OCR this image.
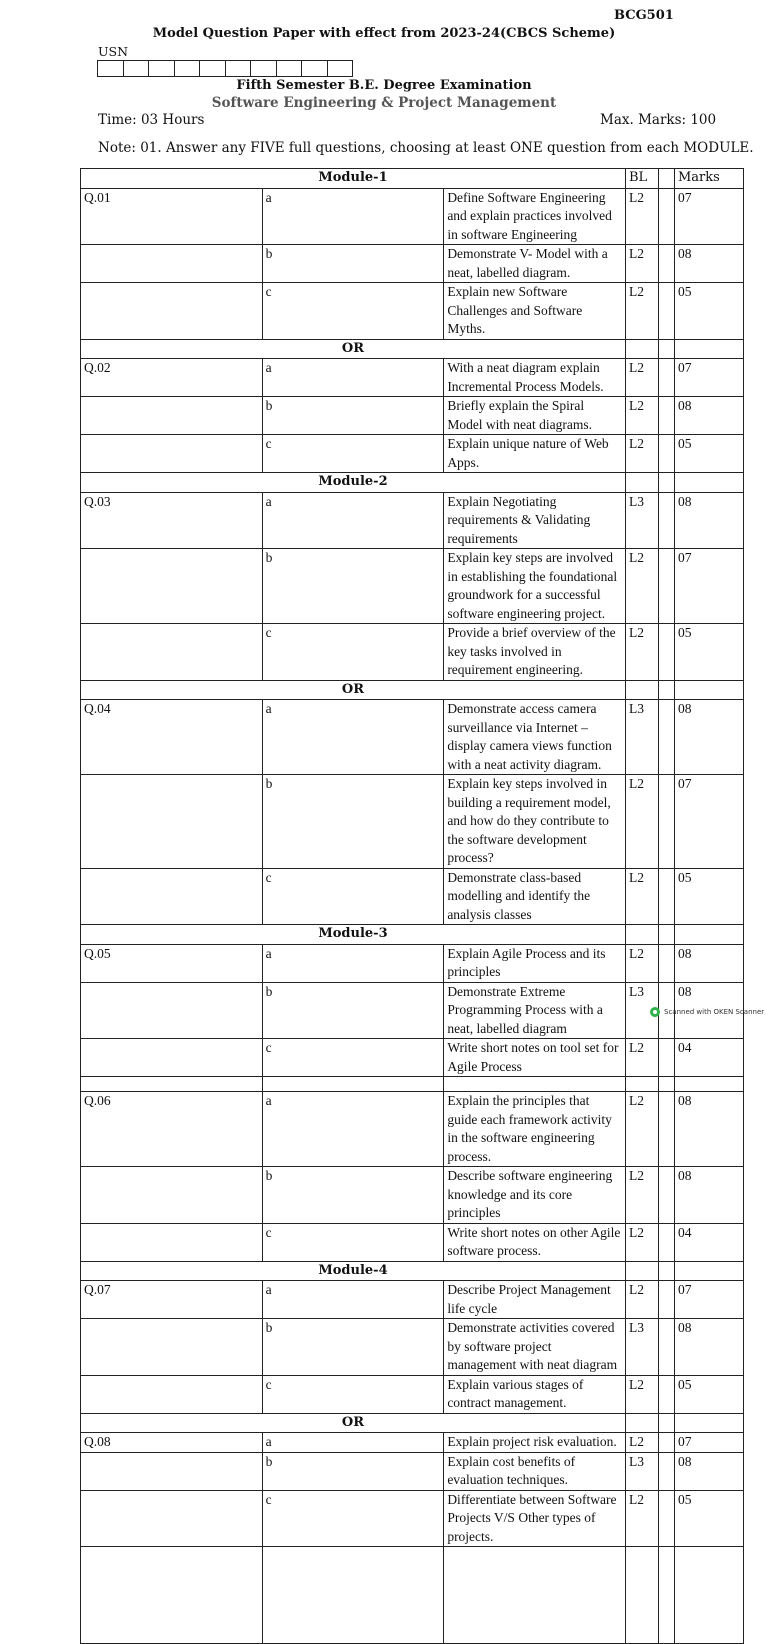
BCG501
Model Question Paper with effect from 2023-24(CBCS Scheme)
USN
Fifth Semester B.E. Degree Examination
Software Engineering & Project Management
Time: 03 Hours	Max. Marks: 100
Note: 01. Answer any FIVE full questions, choosing at least ONE question from each MODULE.
Module-1			BL		Marks
Q.01	a	Define Software Engineering and explain practices involved in software Engineering	L2		07
	b	Demonstrate V- Model with a neat, labelled diagram.	L2		08
	c	Explain new Software Challenges and Software Myths.	L2		05
OR					
Q.02	a	With a neat diagram explain Incremental Process Models.	L2		07
	b	Briefly explain the Spiral Model with neat diagrams.	L2		08
	c	Explain unique nature of Web Apps.	L2		05
Module-2					
Q.03	a	Explain Negotiating requirements & Validating requirements	L3		08
	b	Explain key steps are involved in establishing the foundational groundwork for a successful software engineering project.	L2		07
	c	Provide a brief overview of the key tasks involved in requirement engineering.	L2		05
OR					
Q.04	a	Demonstrate access camera surveillance via Internet – display camera views function with a neat activity diagram.	L3		08
	b	Explain key steps involved in building a requirement model, and how do they contribute to the software development process?	L2		07
	c	Demonstrate class-based modelling and identify the analysis classes	L2		05
Module-3					
Q.05	a	Explain Agile Process and its principles	L2		08
	b	Demonstrate Extreme Programming Process with a neat, labelled diagram	L3		08
	c	Write short notes on tool set for Agile Process	L2		04

Q.06	a	Explain the principles that guide each framework activity in the software engineering process.	L2		08
	b	Describe software engineering knowledge and its core principles	L2		08
	c	Write short notes on other Agile software process.	L2		04
Module-4					
Q.07	a	Describe Project Management life cycle	L2		07
	b	Demonstrate activities covered by software project management with neat diagram	L3		08
	c	Explain various stages of contract management.	L2		05
OR					
Q.08	a	Explain project risk evaluation.	L2		07
	b	Explain cost benefits of evaluation techniques.	L3		08
	c	Differentiate between Software Projects V/S Other types of projects.	L2		05

Scanned with OKEN Scanner
